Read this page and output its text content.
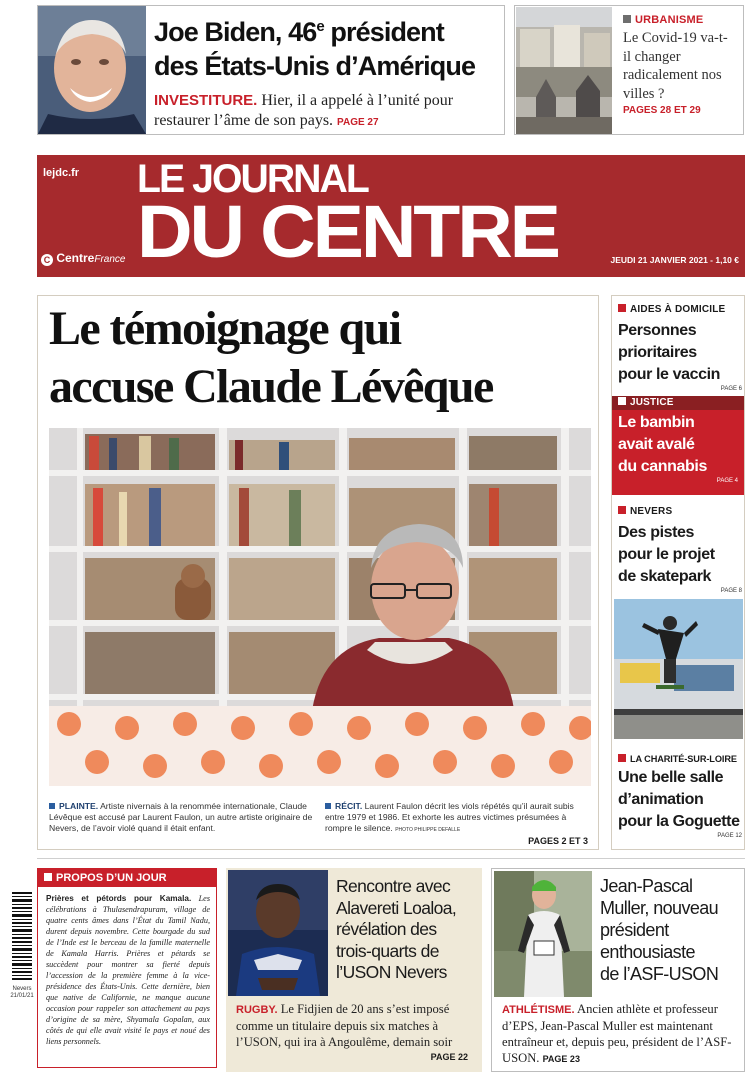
Joe Biden, 46e président
des États-Unis d’Amérique
INVESTITURE. Hier, il a appelé à l’unité pour restaurer l’âme de son pays. PAGE 27
URBANISME
Le Covid-19 va-t-il changer radicalement nos villes ?
PAGES 28 ET 29
lejdc.fr LE JOURNAL
DU CENTRE
C CentreFrance	JEUDI 21 JANVIER 2021 - 1,10 €
Le témoignage qui
accuse Claude Lévêque
PLAINTE. Artiste nivernais à la renommée internationale, Claude Lévêque est accusé par Laurent Faulon, un autre artiste originaire de Nevers, de l’avoir violé quand il était enfant.
RÉCIT. Laurent Faulon décrit les viols répétés qu’il aurait subis entre 1979 et 1986. Et exhorte les autres victimes présumées à rompre le silence. PHOTO PHILIPPE DEFALLE
PAGES 2 ET 3
AIDES À DOMICILE
Personnes
prioritaires
pour le vaccin
PAGE 6
JUSTICE
Le bambin
avait avalé
du cannabis
PAGE 4
NEVERS
Des pistes
pour le projet
de skatepark
PAGE 8
LA CHARITÉ-SUR-LOIRE
Une belle salle
d’animation
pour la Goguette
PAGE 12
Nevers
21/01/21
PROPOS D’UN JOUR
Prières et pétords pour Kamala. Les célébrations à Thulasendrapuram, village de quatre cents âmes dans l’État du Tamil Nadu, durent depuis novembre. Cette bourgade du sud de l’Inde est le berceau de la famille maternelle de Kamala Harris. Prières et pétards se succèdent pour montrer sa fierté depuis l’accession de la première femme à la vice-présidence des États-Unis. Cette dernière, bien que native de Californie, ne manque aucune occasion pour rappeler son attachement au pays d’origine de sa mère, Shyamala Gopalan, aux côtés de qui elle avait visité le pays et noué des liens personnels.
Rencontre avec
Alavereti Loaloa,
révélation des
trois-quarts de
l’USON Nevers
RUGBY. Le Fidjien de 20 ans s’est imposé comme un titulaire depuis six matches à l’USON, qui ira à Angoulême, demain soir
PAGE 22
Jean-Pascal
Muller, nouveau
président
enthousiaste
de l’ASF-USON
ATHLÉTISME. Ancien athlète et professeur d’EPS, Jean-Pascal Muller est maintenant entraîneur et, depuis peu, président de l’ASF-USON. PAGE 23
